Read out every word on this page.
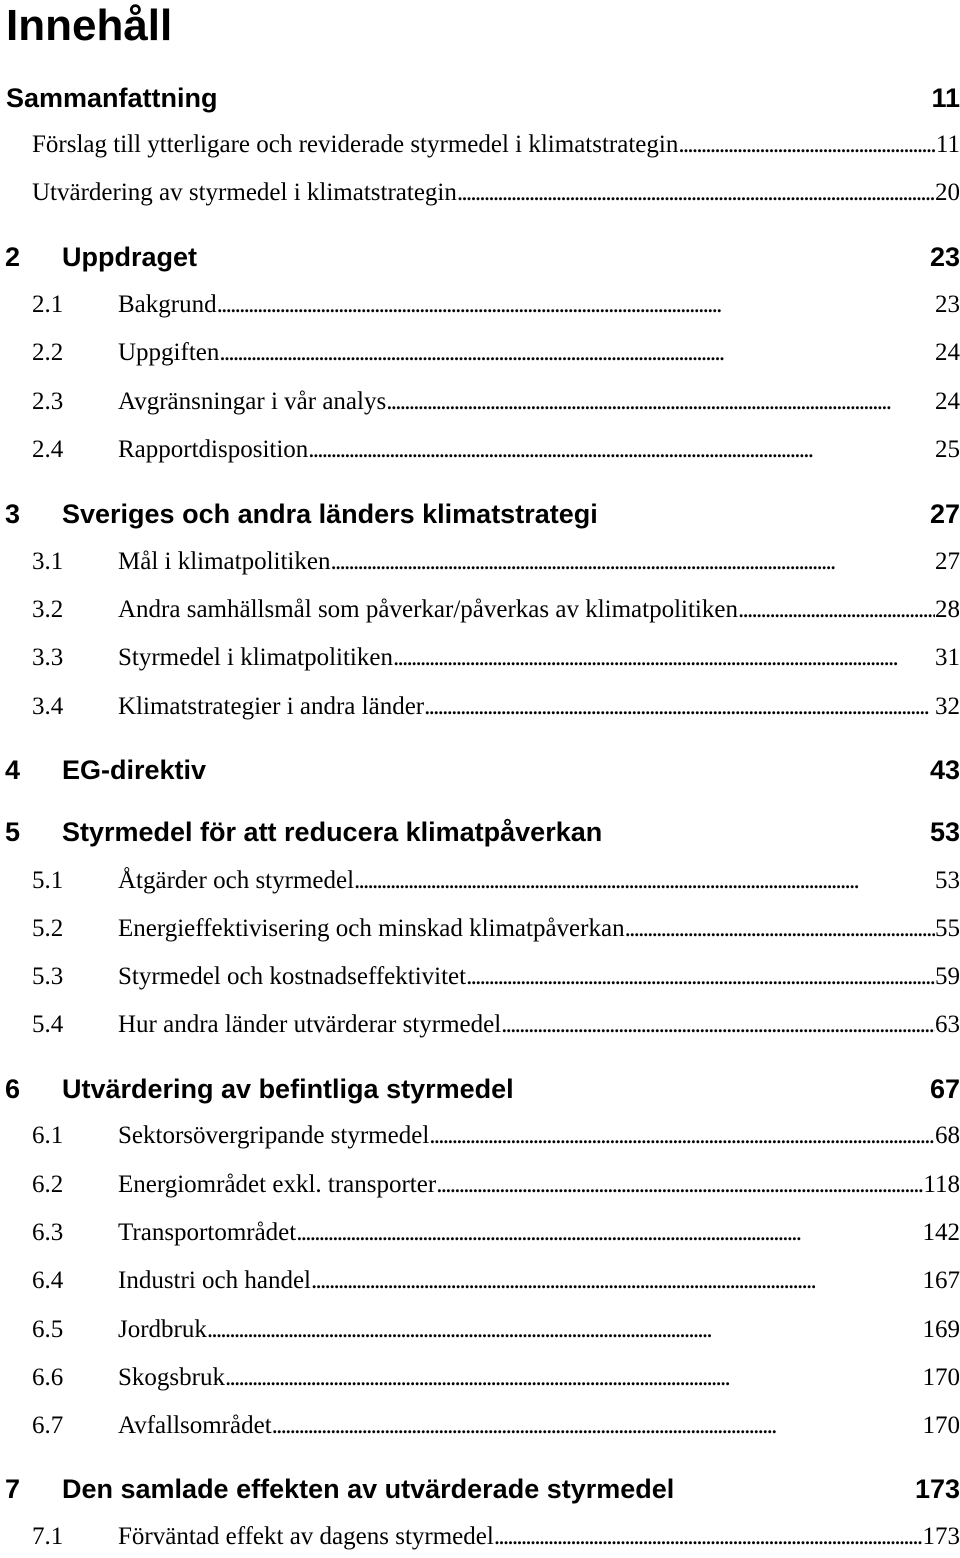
Innehåll
Sammanfattning	11
Förslag till ytterligare och reviderade styrmedel i klimatstrategin . . .	11
Utvärdering av styrmedel i klimatstrategin . . .	20
2 Uppdraget	23
2.1 Bakgrund . . .	23
2.2 Uppgiften . . .	24
2.3 Avgränsningar i vår analys . . .	24
2.4 Rapportdisposition . . .	25
3 Sveriges och andra länders klimatstrategi	27
3.1 Mål i klimatpolitiken . . .	27
3.2 Andra samhällsmål som påverkar/påverkas av klimatpolitiken . . .	28
3.3 Styrmedel i klimatpolitiken . . .	31
3.4 Klimatstrategier i andra länder . . .	32
4 EG-direktiv	43
5 Styrmedel för att reducera klimatpåverkan	53
5.1 Åtgärder och styrmedel . . .	53
5.2 Energieffektivisering och minskad klimatpåverkan . . .	55
5.3 Styrmedel och kostnadseffektivitet . . .	59
5.4 Hur andra länder utvärderar styrmedel . . .	63
6 Utvärdering av befintliga styrmedel	67
6.1 Sektorsövergripande styrmedel . . .	68
6.2 Energiområdet exkl. transporter . . .	118
6.3 Transportområdet . . .	142
6.4 Industri och handel . . .	167
6.5 Jordbruk . . .	169
6.6 Skogsbruk . . .	170
6.7 Avfallsområdet . . .	170
7 Den samlade effekten av utvärderade styrmedel	173
7.1 Förväntad effekt av dagens styrmedel . . .	173
